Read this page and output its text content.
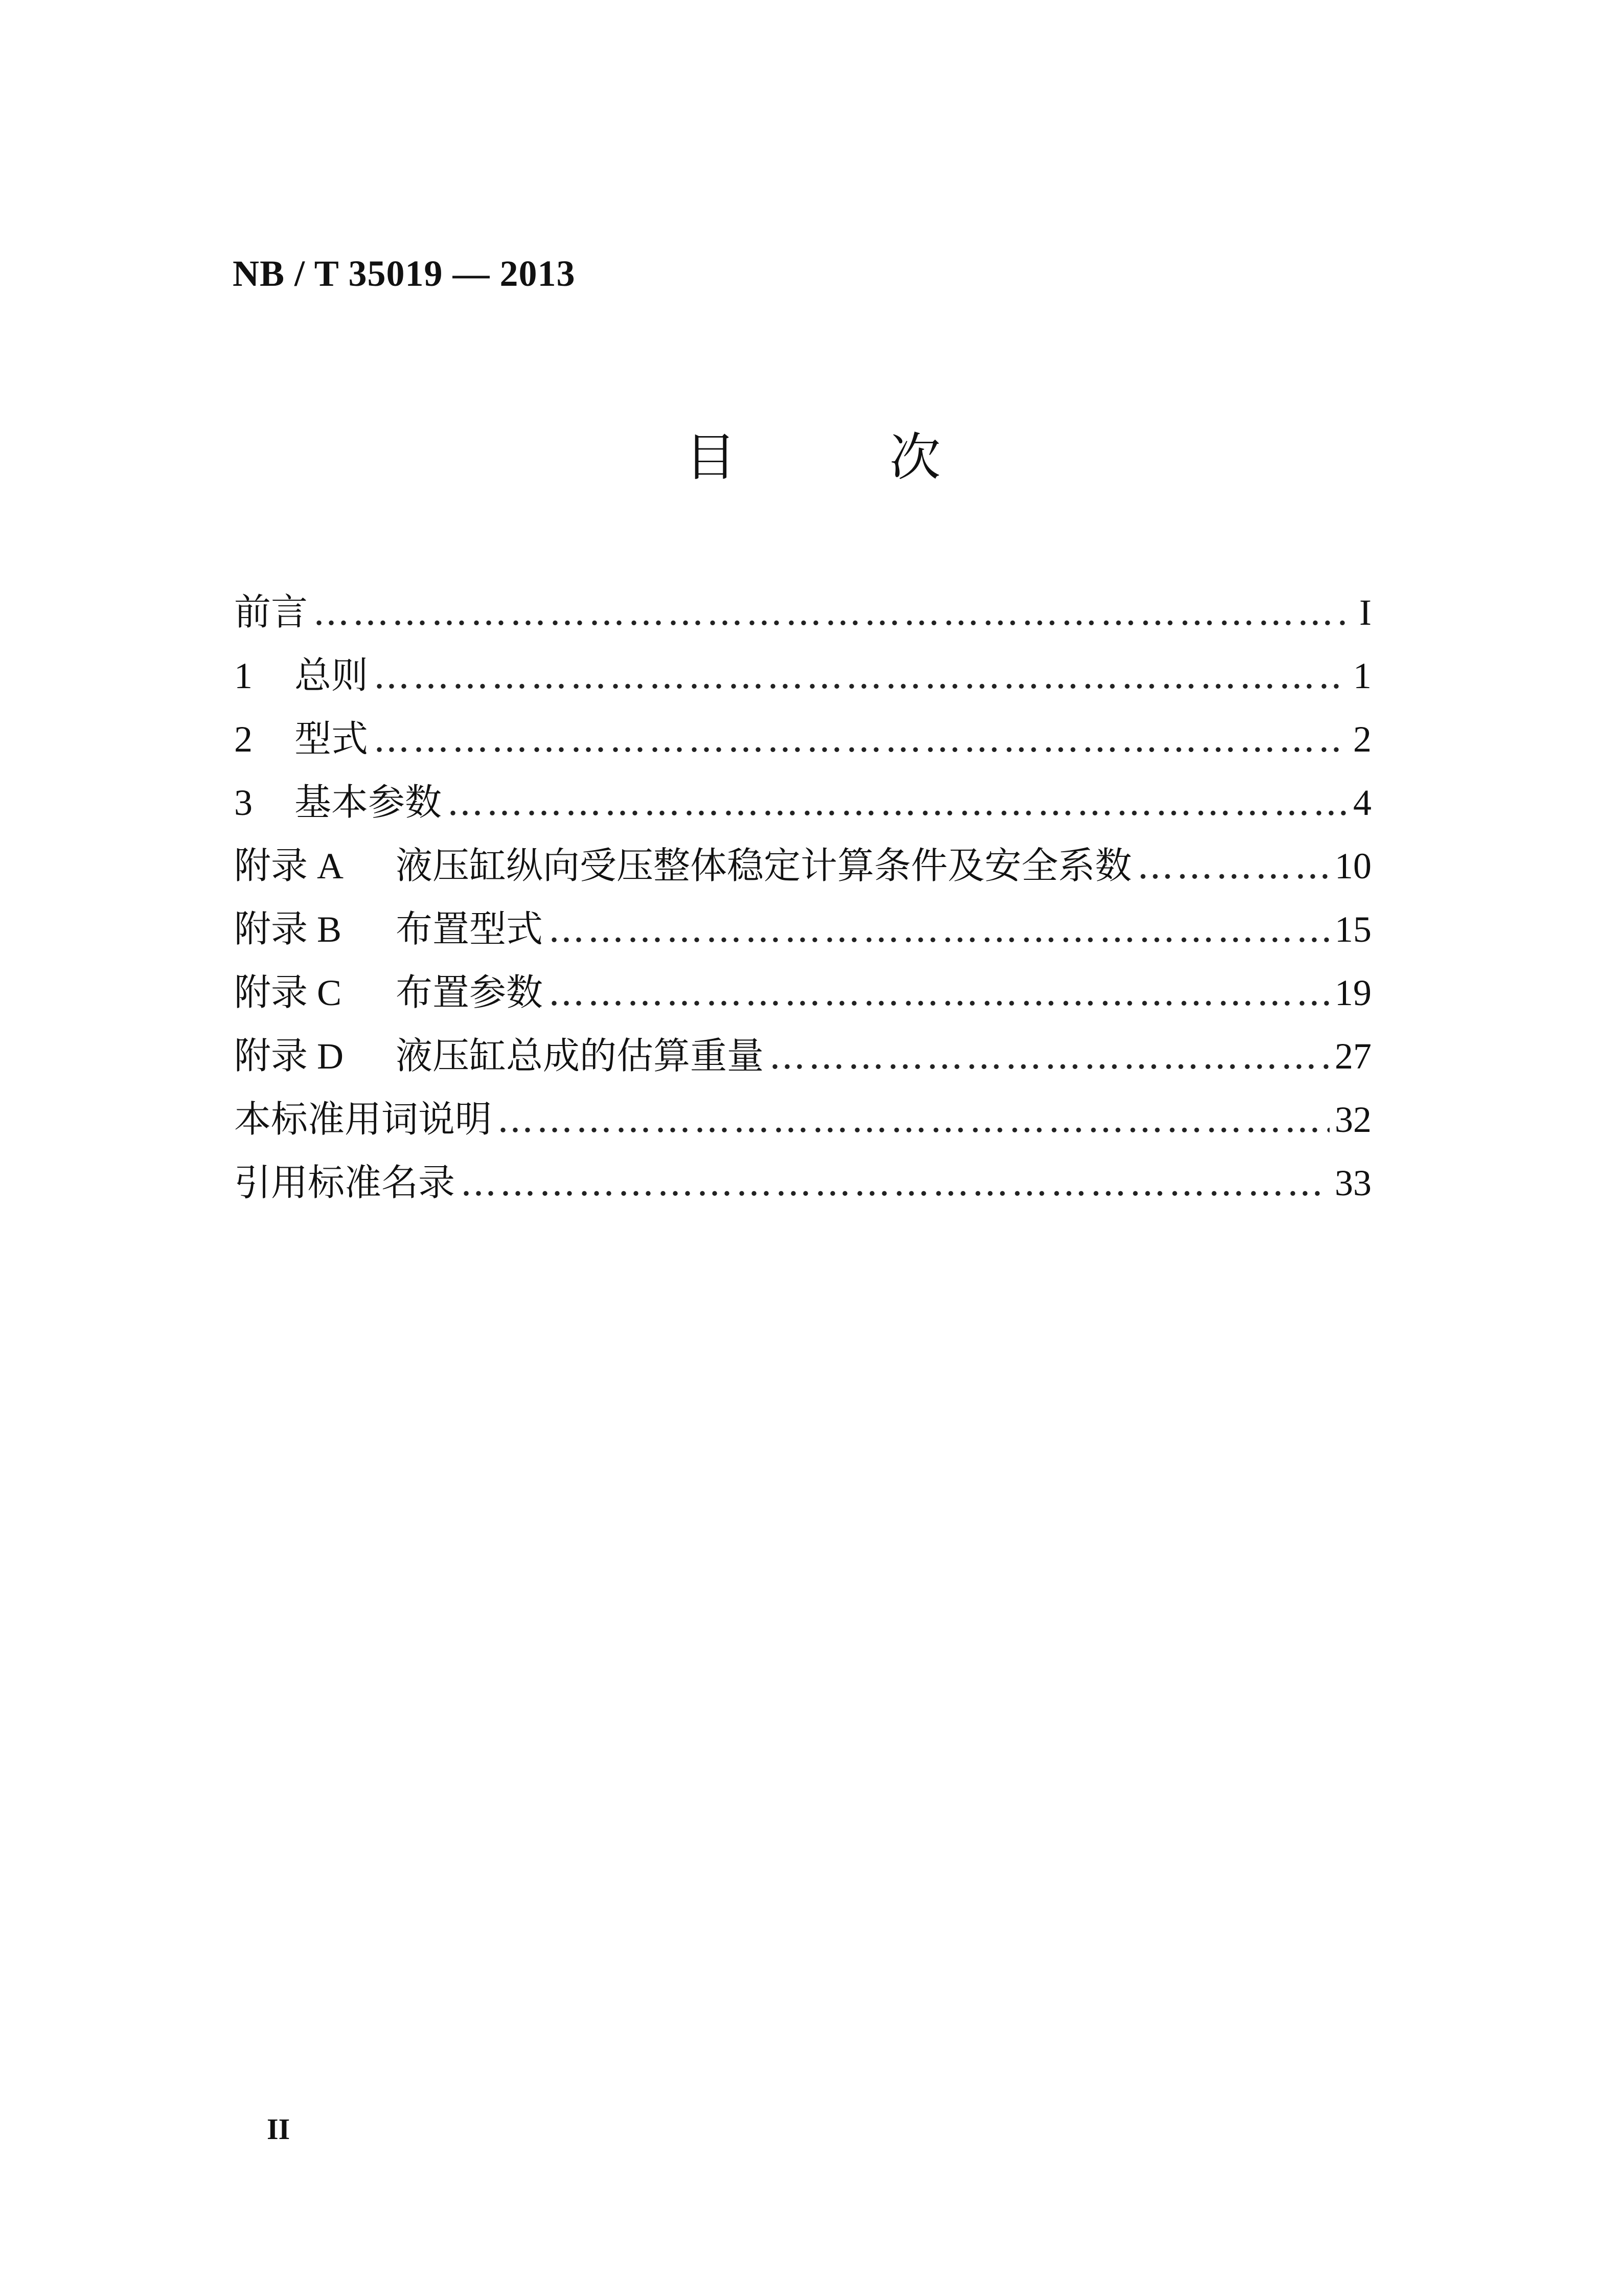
NB / T 35019 — 2013
目	次
前言 ……………………………………………………………………………………………………………………………………………………………………………………………………………………………………	I
1	总则 ……………………………………………………………………………………………………………………………………………………………………………………………………………………………………	1
2	型式 ……………………………………………………………………………………………………………………………………………………………………………………………………………………………………	2
3	基本参数 ……………………………………………………………………………………………………………………………………………………………………………………………………………………………………	4
附录 A	液压缸纵向受压整体稳定计算条件及安全系数 ……………………………………………………………………………………………………………………………………………………………………………………………………………………………………	10
附录 B	布置型式 ……………………………………………………………………………………………………………………………………………………………………………………………………………………………………	15
附录 C	布置参数 ……………………………………………………………………………………………………………………………………………………………………………………………………………………………………	19
附录 D	液压缸总成的估算重量 ……………………………………………………………………………………………………………………………………………………………………………………………………………………………………	27
本标准用词说明 ……………………………………………………………………………………………………………………………………………………………………………………………………………………………………	32
引用标准名录 ……………………………………………………………………………………………………………………………………………………………………………………………………………………………………	33
II
